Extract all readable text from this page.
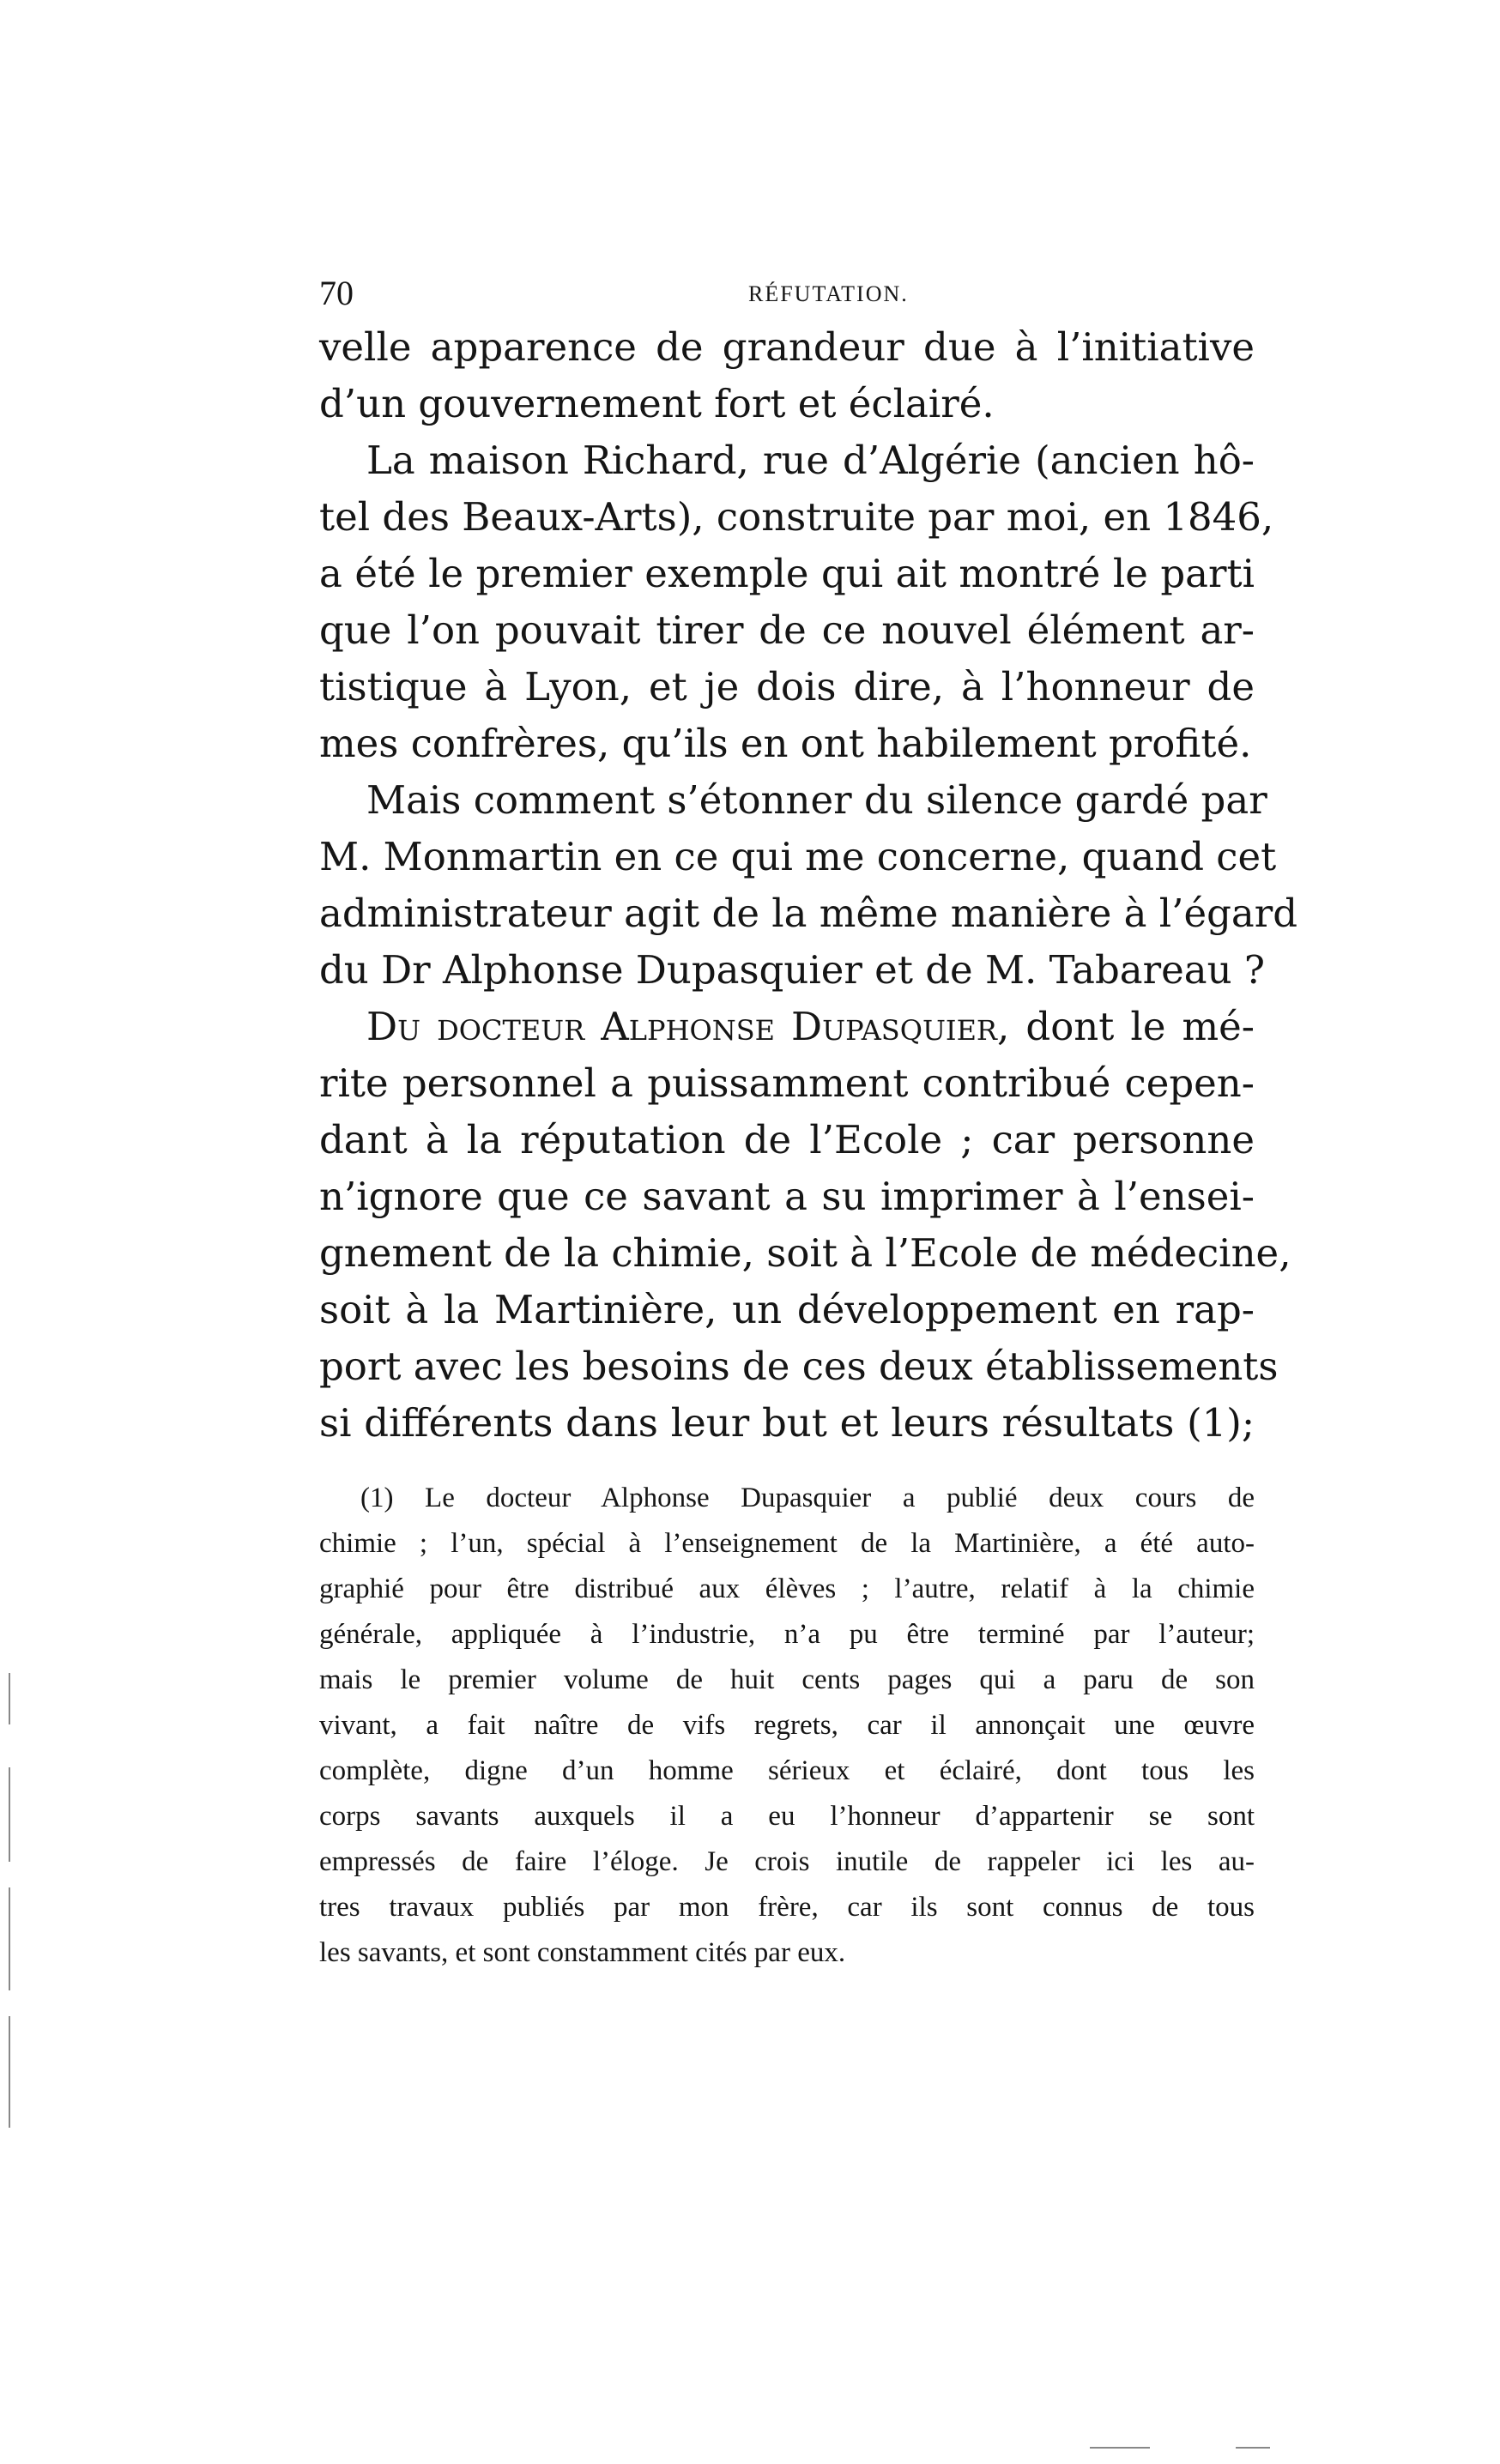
70	RÉFUTATION.
velle apparence de grandeur due à l’initiative
d’un gouvernement fort et éclairé.
La maison Richard, rue d’Algérie (ancien hô-
tel des Beaux-Arts), construite par moi, en 1846,
a été le premier exemple qui ait montré le parti
que l’on pouvait tirer de ce nouvel élément ar-
tistique à Lyon, et je dois dire, à l’honneur de
mes confrères, qu’ils en ont habilement profité.
Mais comment s’étonner du silence gardé par
M. Monmartin en ce qui me concerne, quand cet
administrateur agit de la même manière à l’égard
du Dr Alphonse Dupasquier et de M. Tabareau ?
Du docteur Alphonse Dupasquier, dont le mé-
rite personnel a puissamment contribué cepen-
dant à la réputation de l’Ecole ; car personne
n’ignore que ce savant a su imprimer à l’ensei-
gnement de la chimie, soit à l’Ecole de médecine,
soit à la Martinière, un développement en rap-
port avec les besoins de ces deux établissements
si différents dans leur but et leurs résultats (1);
(1) Le docteur Alphonse Dupasquier a publié deux cours de
chimie ; l’un, spécial à l’enseignement de la Martinière, a été auto-
graphié pour être distribué aux élèves ; l’autre, relatif à la chimie
générale, appliquée à l’industrie, n’a pu être terminé par l’auteur;
mais le premier volume de huit cents pages qui a paru de son
vivant, a fait naître de vifs regrets, car il annonçait une œuvre
complète, digne d’un homme sérieux et éclairé, dont tous les
corps savants auxquels il a eu l’honneur d’appartenir se sont
empressés de faire l’éloge. Je crois inutile de rappeler ici les au-
tres travaux publiés par mon frère, car ils sont connus de tous
les savants, et sont constamment cités par eux.
